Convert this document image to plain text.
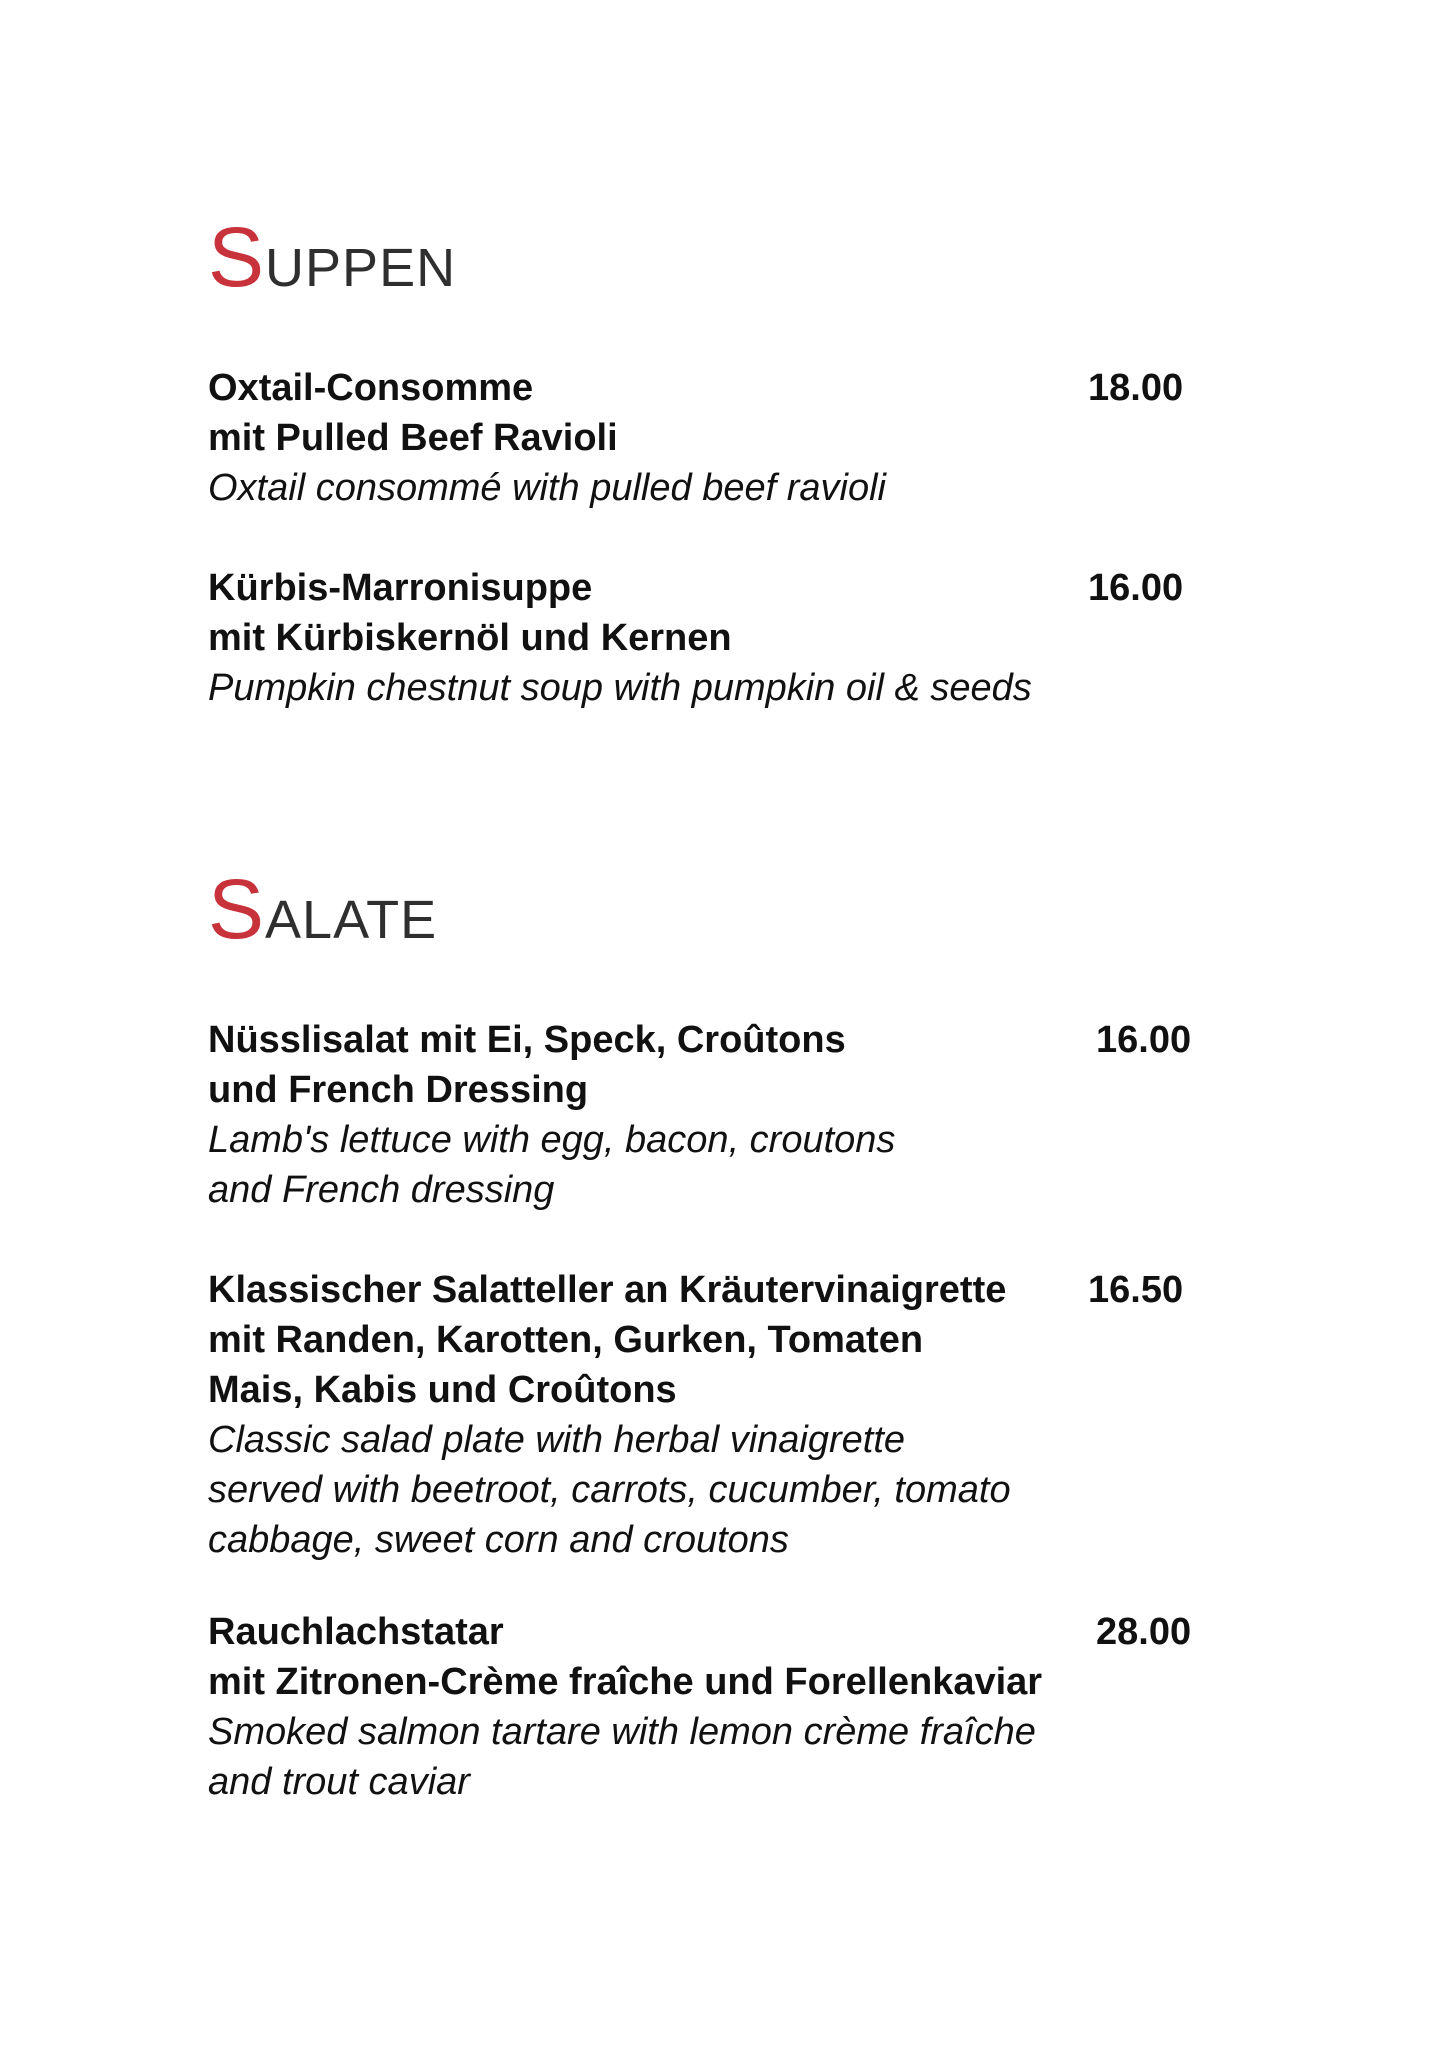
SUPPEN
Oxtail-Consomme
mit Pulled Beef Ravioli
Oxtail consommé with pulled beef ravioli
18.00
Kürbis-Marronisuppe
mit Kürbiskernöl und Kernen
Pumpkin chestnut soup with pumpkin oil & seeds
16.00
SALATE
Nüsslisalat mit Ei, Speck, Croûtons
und French Dressing
Lamb's lettuce with egg, bacon, croutons
and French dressing
16.00
Klassischer Salatteller an Kräutervinaigrette
mit Randen, Karotten, Gurken, Tomaten
Mais, Kabis und Croûtons
Classic salad plate with herbal vinaigrette
served with beetroot, carrots, cucumber, tomato
cabbage, sweet corn and croutons
16.50
Rauchlachstatar
mit Zitronen-Crème fraîche und Forellenkaviar
Smoked salmon tartare with lemon crème fraîche
and trout caviar
28.00
